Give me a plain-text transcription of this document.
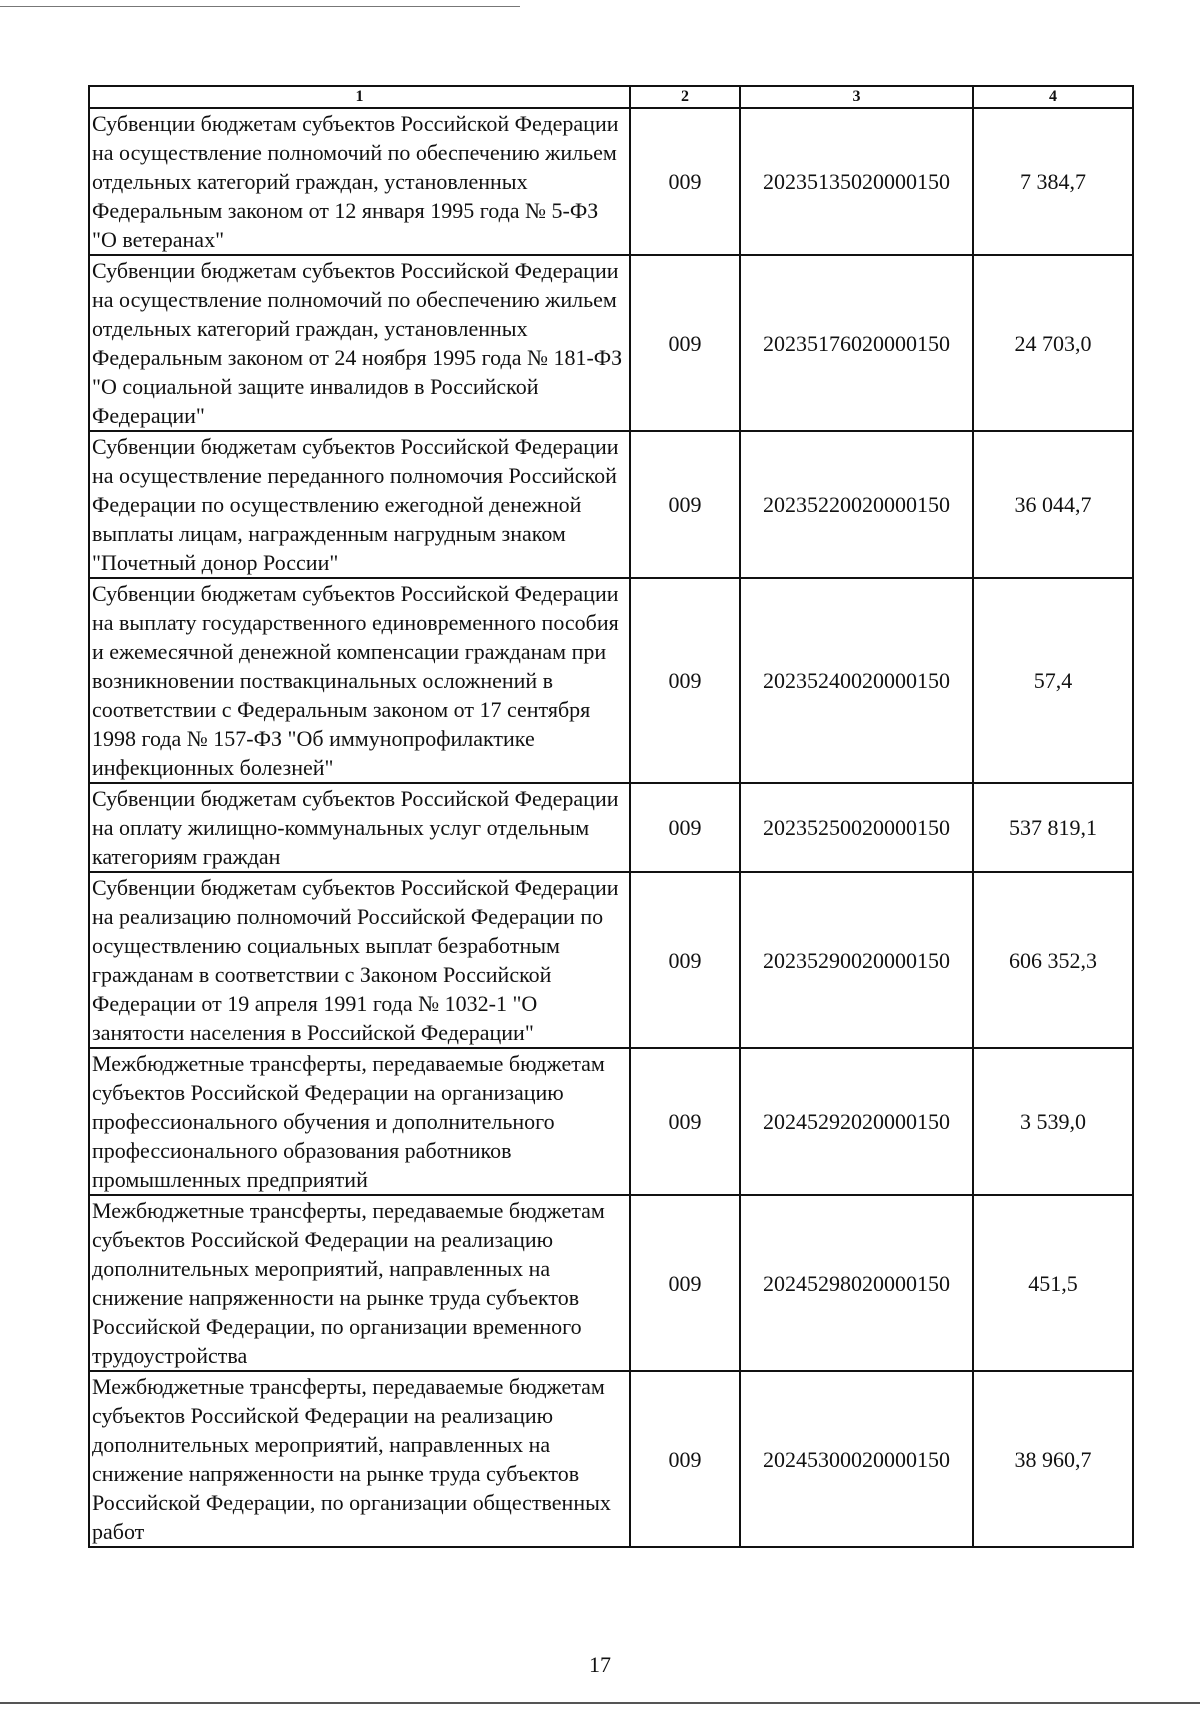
1	2	3	4
Субвенции бюджетам субъектов Российской Федерации на осуществление полномочий по обеспечению жильем отдельных категорий граждан, установленных Федеральным законом от 12 января 1995 года № 5-ФЗ "О ветеранах"	009	20235135020000150	7 384,7
Субвенции бюджетам субъектов Российской Федерации на осуществление полномочий по обеспечению жильем отдельных категорий граждан, установленных Федеральным законом от 24 ноября 1995 года № 181-ФЗ "О социальной защите инвалидов в Российской Федерации"	009	20235176020000150	24 703,0
Субвенции бюджетам субъектов Российской Федерации на осуществление переданного полномочия Российской Федерации по осуществлению ежегодной денежной выплаты лицам, награжденным нагрудным знаком "Почетный донор России"	009	20235220020000150	36 044,7
Субвенции бюджетам субъектов Российской Федерации на выплату государственного единовременного пособия и ежемесячной денежной компенсации гражданам при возникновении поствакцинальных осложнений в соответствии с Федеральным законом от 17 сентября 1998 года № 157-ФЗ "Об иммунопрофилактике инфекционных болезней"	009	20235240020000150	57,4
Субвенции бюджетам субъектов Российской Федерации на оплату жилищно-коммунальных услуг отдельным категориям граждан	009	20235250020000150	537 819,1
Субвенции бюджетам субъектов Российской Федерации на реализацию полномочий Российской Федерации по осуществлению социальных выплат безработным гражданам в соответствии с Законом Российской Федерации от 19 апреля 1991 года № 1032-1 "О занятости населения в Российской Федерации"	009	20235290020000150	606 352,3
Межбюджетные трансферты, передаваемые бюджетам субъектов Российской Федерации на организацию профессионального обучения и дополнительного профессионального образования работников промышленных предприятий	009	20245292020000150	3 539,0
Межбюджетные трансферты, передаваемые бюджетам субъектов Российской Федерации на реализацию дополнительных мероприятий, направленных на снижение напряженности на рынке труда субъектов Российской Федерации, по организации временного трудоустройства	009	20245298020000150	451,5
Межбюджетные трансферты, передаваемые бюджетам субъектов Российской Федерации на реализацию дополнительных мероприятий, направленных на снижение напряженности на рынке труда субъектов Российской Федерации, по организации общественных работ	009	20245300020000150	38 960,7
17
